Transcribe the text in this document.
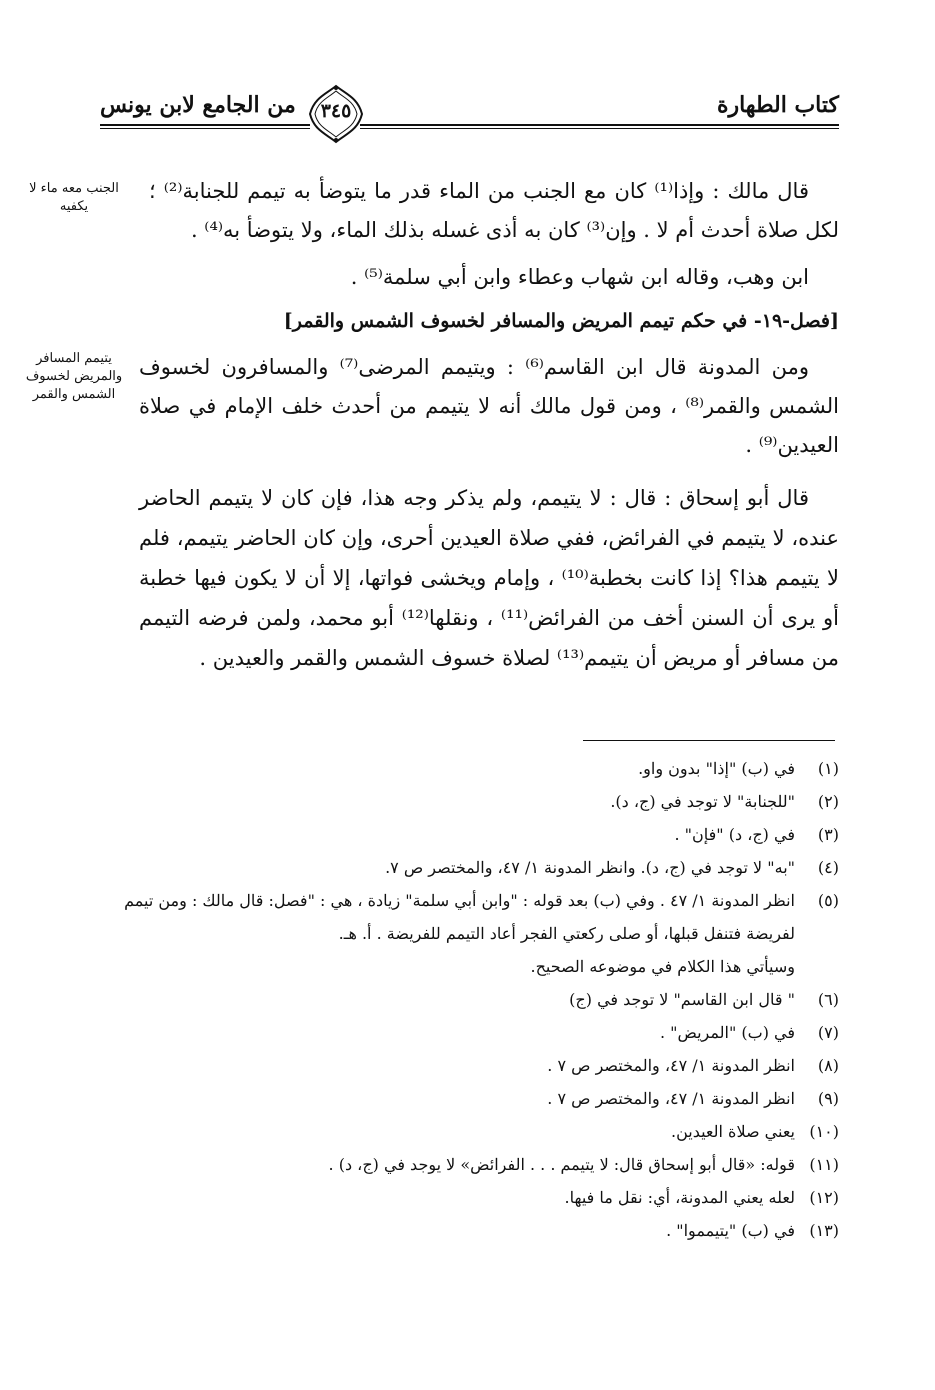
كتاب الطهارة
من الجامع لابن يونس	٣٤٥
الجنب معه ماء لا يكفيه
يتيمم المسافر والمريض لخسوف الشمس والقمر
قال مالك : وإذا⁽¹⁾ كان مع الجنب من الماء قدر ما يتوضأ به تيمم للجنابة⁽²⁾ ؛ لكل صلاة أحدث أم لا . وإن⁽³⁾ كان به أذى غسله بذلك الماء، ولا يتوضأ به⁽⁴⁾ .
ابن وهب، وقاله ابن شهاب وعطاء وابن أبي سلمة⁽⁵⁾ .
[فصل-١٩- في حكم تيمم المريض والمسافر لخسوف الشمس والقمر]
ومن المدونة قال ابن القاسم⁽⁶⁾ : ويتيمم المرضى⁽⁷⁾ والمسافرون لخسوف الشمس والقمر⁽⁸⁾ ، ومن قول مالك أنه لا يتيمم من أحدث خلف الإمام في صلاة العيدين⁽⁹⁾ .
قال أبو إسحاق : قال : لا يتيمم، ولم يذكر وجه هذا، فإن كان لا يتيمم الحاضر عنده، لا يتيمم في الفرائض، ففي صلاة العيدين أحرى، وإن كان الحاضر يتيمم، فلم لا يتيمم هذا؟ إذا كانت بخطبة⁽¹⁰⁾ ، وإمام ويخشى فواتها، إلا أن لا يكون فيها خطبة أو يرى أن السنن أخف من الفرائض⁽¹¹⁾ ، ونقلها⁽¹²⁾ أبو محمد، ولمن فرضه التيمم من مسافر أو مريض أن يتيمم⁽¹³⁾ لصلاة خسوف الشمس والقمر والعيدين .
(١)
في (ب) "إذا" بدون واو.
(٢)
"للجنابة" لا توجد في (ج، د).
(٣)
في (ج، د) "فإن" .
(٤)
"به" لا توجد في (ج، د). وانظر المدونة ١/ ٤٧، والمختصر ص ٧.
(٥)
انظر المدونة ١/ ٤٧ . وفي (ب) بعد قوله : "وابن أبي سلمة" زيادة ، هي : "فصل: قال مالك : ومن تيمم لفريضة فتنفل قبلها، أو صلى ركعتي الفجر أعاد التيمم للفريضة . أ. هـ.
وسيأتي هذا الكلام في موضوعه الصحيح.
(٦)
" قال ابن القاسم" لا توجد في (ج)
(٧)
في (ب) "المريض" .
(٨)
انظر المدونة ١/ ٤٧، والمختصر ص ٧ .
(٩)
انظر المدونة ١/ ٤٧، والمختصر ص ٧ .
(١٠)
يعني صلاة العيدين.
(١١)
قوله: «قال أبو إسحاق قال: لا يتيمم . . . الفرائض» لا يوجد في (ج، د) .
(١٢)
لعله يعني المدونة، أي: نقل ما فيها.
(١٣)
في (ب) "يتيمموا" .
